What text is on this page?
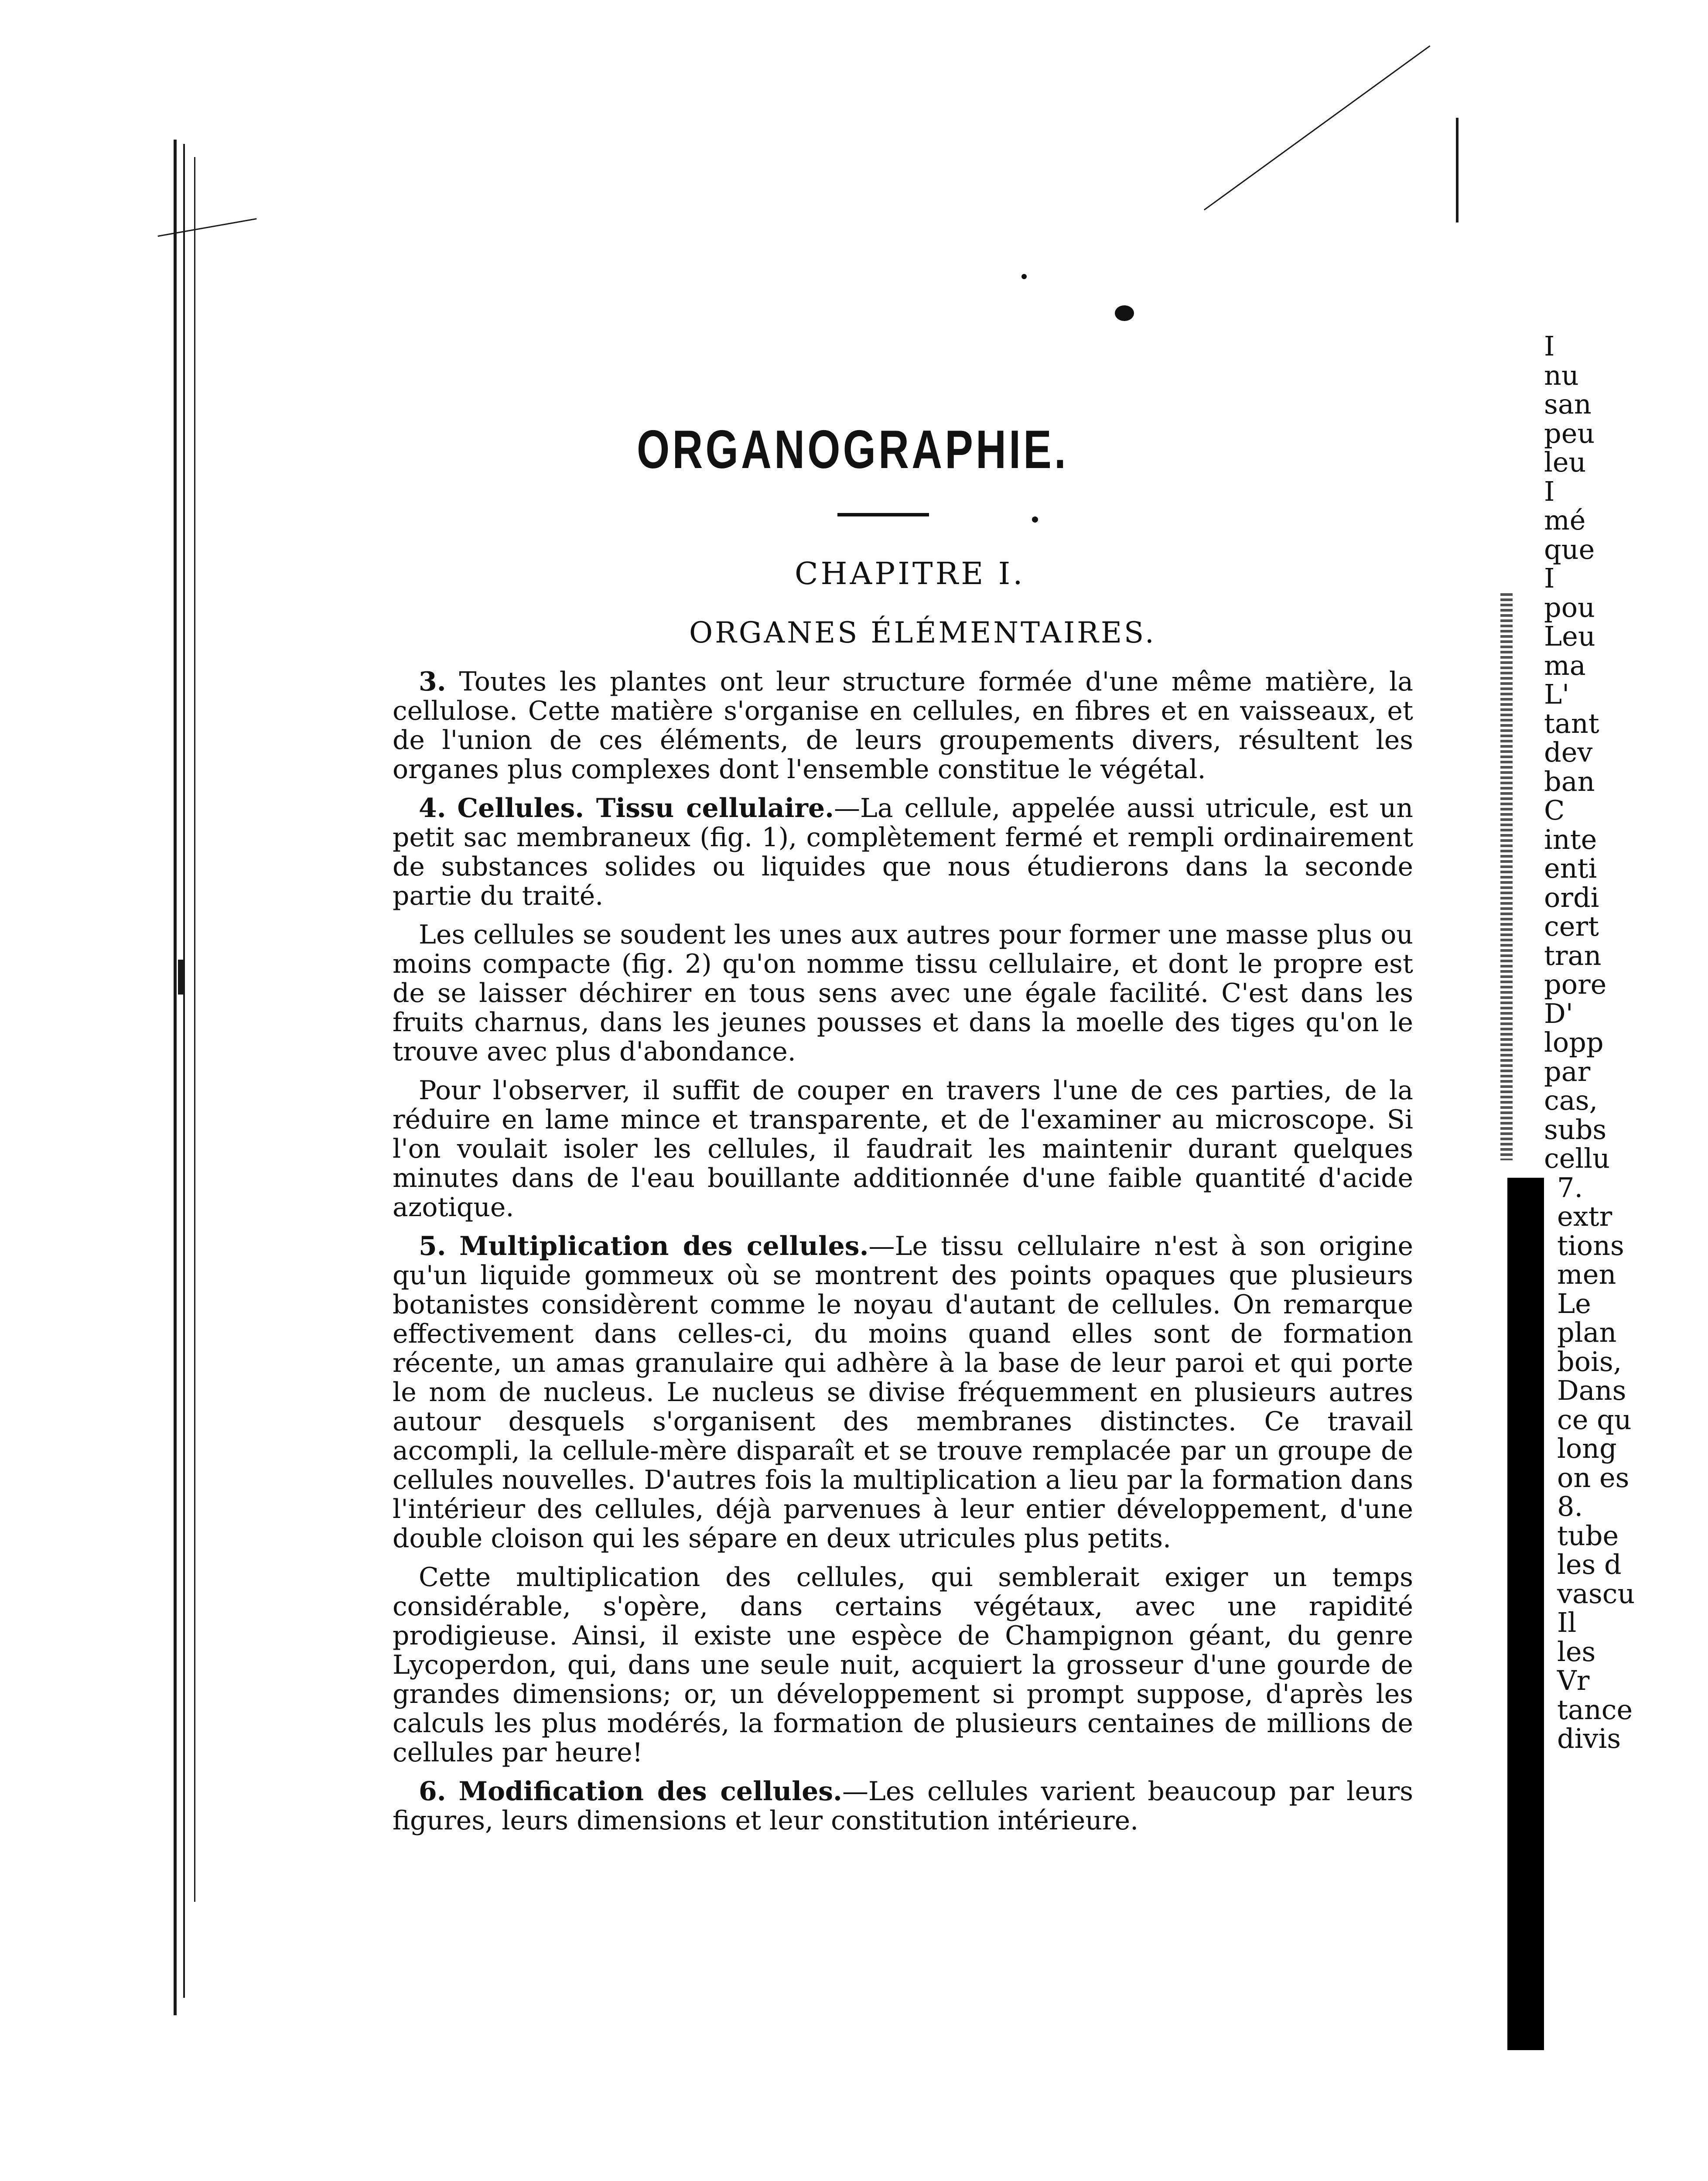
ORGANOGRAPHIE.
CHAPITRE I.
ORGANES ÉLÉMENTAIRES.

3. Toutes les plantes ont leur structure formée d'une même matière, la cellulose. Cette matière s'organise en cellules, en fibres et en vaisseaux, et de l'union de ces éléments, de leurs groupements divers, résultent les organes plus complexes dont l'ensemble constitue le végétal.

4. Cellules. Tissu cellulaire.—La cellule, appelée aussi utricule, est un petit sac membraneux (fig. 1), complètement fermé et rempli ordinairement de substances solides ou liquides que nous étudierons dans la seconde partie du traité.

Les cellules se soudent les unes aux autres pour former une masse plus ou moins compacte (fig. 2) qu'on nomme tissu cellulaire, et dont le propre est de se laisser déchirer en tous sens avec une égale facilité. C'est dans les fruits charnus, dans les jeunes pousses et dans la moelle des tiges qu'on le trouve avec plus d'abondance.

Pour l'observer, il suffit de couper en travers l'une de ces parties, de la réduire en lame mince et transparente, et de l'examiner au microscope. Si l'on voulait isoler les cellules, il faudrait les maintenir durant quelques minutes dans de l'eau bouillante additionnée d'une faible quantité d'acide azotique.

5. Multiplication des cellules.—Le tissu cellulaire n'est à son origine qu'un liquide gommeux où se montrent des points opaques que plusieurs botanistes considèrent comme le noyau d'autant de cellules. On remarque effectivement dans celles-ci, du moins quand elles sont de formation récente, un amas granulaire qui adhère à la base de leur paroi et qui porte le nom de nucleus. Le nucleus se divise fréquemment en plusieurs autres autour desquels s'organisent des membranes distinctes. Ce travail accompli, la cellule-mère disparaît et se trouve remplacée par un groupe de cellules nouvelles. D'autres fois la multiplication a lieu par la formation dans l'intérieur des cellules, déjà parvenues à leur entier développement, d'une double cloison qui les sépare en deux utricules plus petits.

Cette multiplication des cellules, qui semblerait exiger un temps considérable, s'opère, dans certains végétaux, avec une rapidité prodigieuse. Ainsi, il existe une espèce de Champignon géant, du genre Lycoperdon, qui, dans une seule nuit, acquiert la grosseur d'une gourde de grandes dimensions; or, un développement si prompt suppose, d'après les calculs les plus modérés, la formation de plusieurs centaines de millions de cellules par heure!

6. Modification des cellules.—Les cellules varient beaucoup par leurs figures, leurs dimensions et leur constitution intérieure.

I
nu
san
peu
leu
I
mé
que
I
pou
Leu
ma
L'
tant
dev
ban
C
inte
enti
ordi
cert
tran
pore
D'
lopp
par
cas,
subs
cellu
7.
extr
tions
men
Le
plan
bois,
Dans
ce qu
long
on es
8.
tube
les d
vascu
Il
les
Vr
tance
divis
